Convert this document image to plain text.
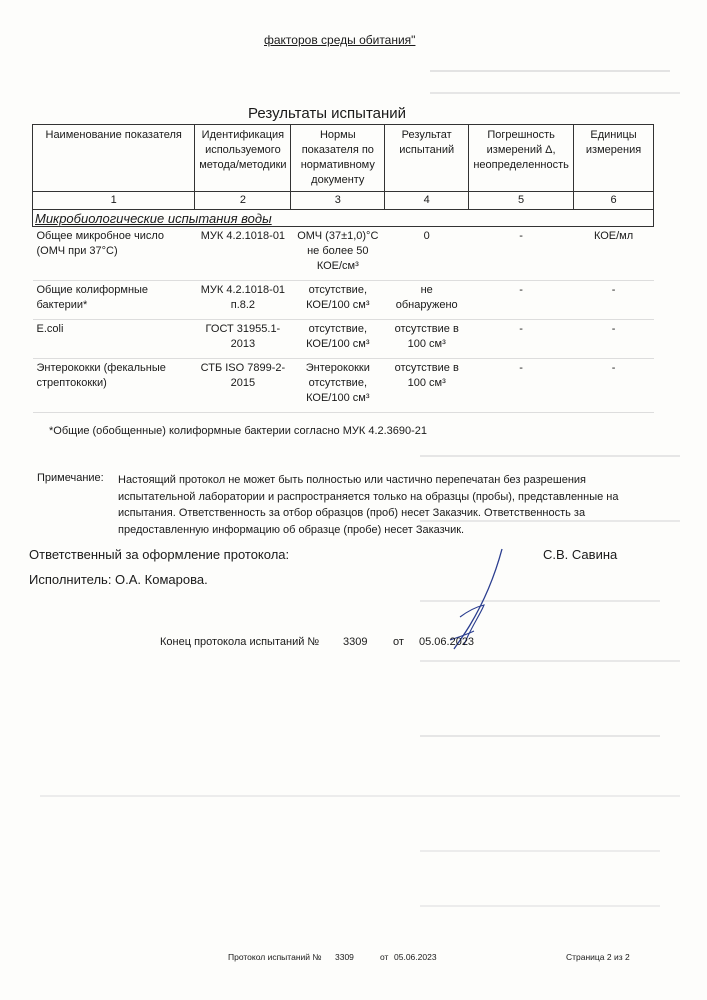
факторов среды обитания"
Результаты испытаний
Наименование показателя	Идентификация используемого метода/методики	Нормы показателя по нормативному документу	Результат испытаний	Погрешность измерений Δ, неопределенность	Единицы измерения
1	2	3	4	5	6
Микробиологические испытания воды					
Общее микробное число (ОМЧ при 37°С)	МУК 4.2.1018-01	ОМЧ (37±1,0)°С не более 50 КОЕ/см³	0	-	КОЕ/мл
Общие колиформные бактерии*	МУК 4.2.1018-01 п.8.2	отсутствие, КОЕ/100 см³	не обнаружено	-	-
E.coli	ГОСТ 31955.1-2013	отсутствие, КОЕ/100 см³	отсутствие в 100 см³	-	-
Энтерококки (фекальные стрептококки)	СТБ ISO 7899-2-2015	Энтерококки отсутствие, КОЕ/100 см³	отсутствие в 100 см³	-	-
*Общие (обобщенные) колиформные бактерии согласно МУК 4.2.3690-21
Примечание: Настоящий протокол не может быть полностью или частично перепечатан без разрешения испытательной лаборатории и распространяется только на образцы (пробы), представленные на испытания. Ответственность за отбор образцов (проб) несет Заказчик. Ответственность за предоставленную информацию об образце (пробе) несет Заказчик.
Ответственный за оформление протокола:	С.В. Савина
Исполнитель: О.А. Комарова.
Конец протокола испытаний № 3309 от 05.06.2023
Протокол испытаний № 3309	от 05.06.2023	Страница 2 из 2
